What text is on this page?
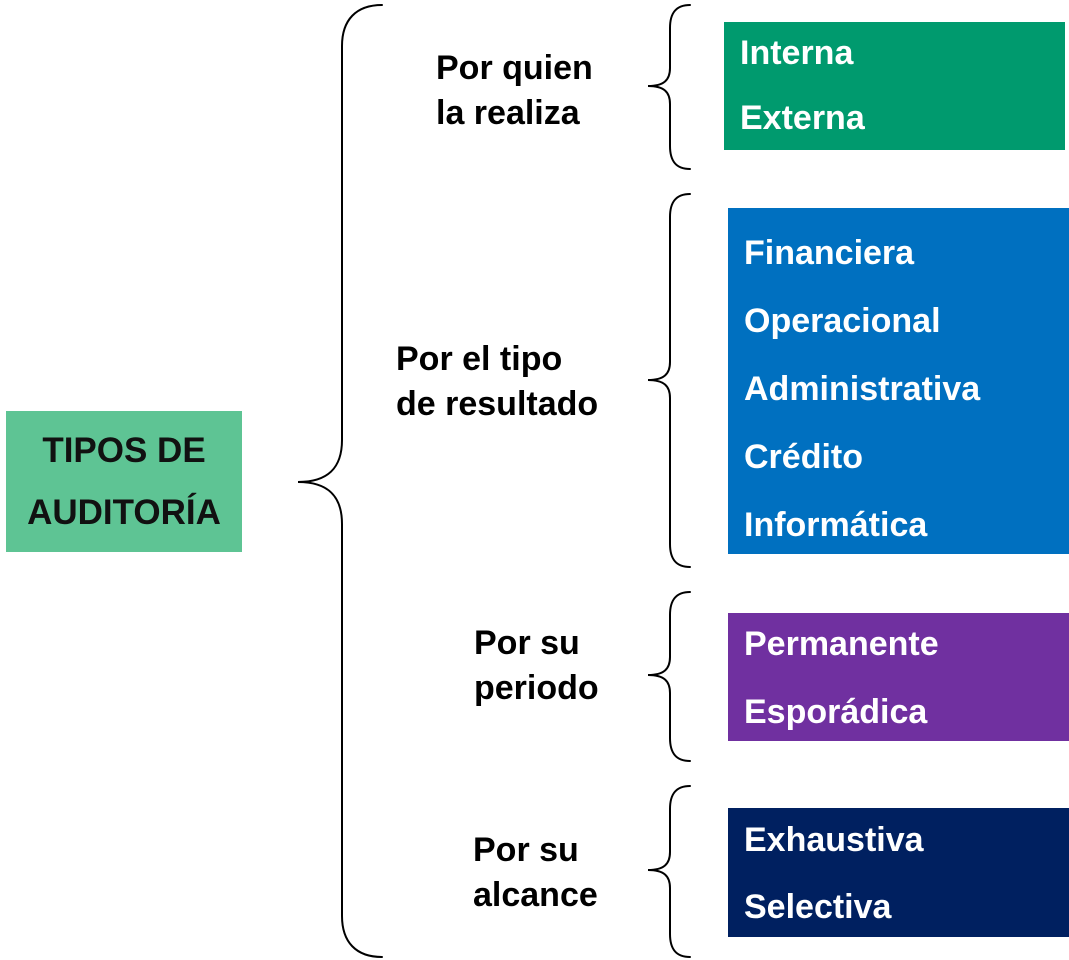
TIPOS DE
AUDITORÍA
Por quien
la realiza
Por el tipo
de resultado
Por su
periodo
Por su
alcance
Interna
Externa
Financiera
Operacional
Administrativa
Crédito
Informática
Permanente
Esporádica
Exhaustiva
Selectiva
